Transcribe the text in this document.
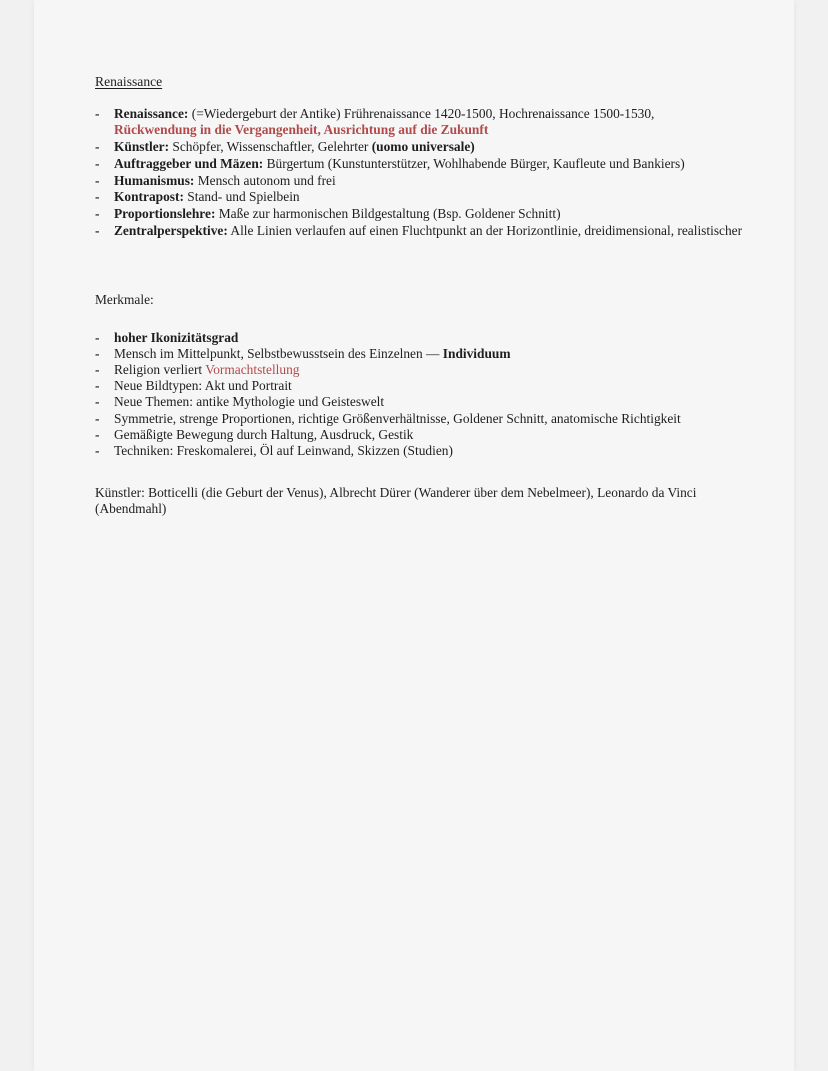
Renaissance
- Renaissance: (=Wiedergeburt der Antike) Frührenaissance 1420-1500, Hochrenaissance 1500-1530,
Rückwendung in die Vergangenheit, Ausrichtung auf die Zukunft
- Künstler: Schöpfer, Wissenschaftler, Gelehrter (uomo universale)
- Auftraggeber und Mäzen: Bürgertum (Kunstunterstützer, Wohlhabende Bürger, Kaufleute und Bankiers)
- Humanismus: Mensch autonom und frei
- Kontrapost: Stand- und Spielbein
- Proportionslehre: Maße zur harmonischen Bildgestaltung (Bsp. Goldener Schnitt)
- Zentralperspektive: Alle Linien verlaufen auf einen Fluchtpunkt an der Horizontlinie, dreidimensional, realistischer
Merkmale:
- hoher Ikonizitätsgrad
- Mensch im Mittelpunkt, Selbstbewusstsein des Einzelnen — Individuum
- Religion verliert Vormachtstellung
- Neue Bildtypen: Akt und Portrait
- Neue Themen: antike Mythologie und Geisteswelt
- Symmetrie, strenge Proportionen, richtige Größenverhältnisse, Goldener Schnitt, anatomische Richtigkeit
- Gemäßigte Bewegung durch Haltung, Ausdruck, Gestik
- Techniken: Freskomalerei, Öl auf Leinwand, Skizzen (Studien)

Künstler: Botticelli (die Geburt der Venus), Albrecht Dürer (Wanderer über dem Nebelmeer), Leonardo da Vinci (Abendmahl)
